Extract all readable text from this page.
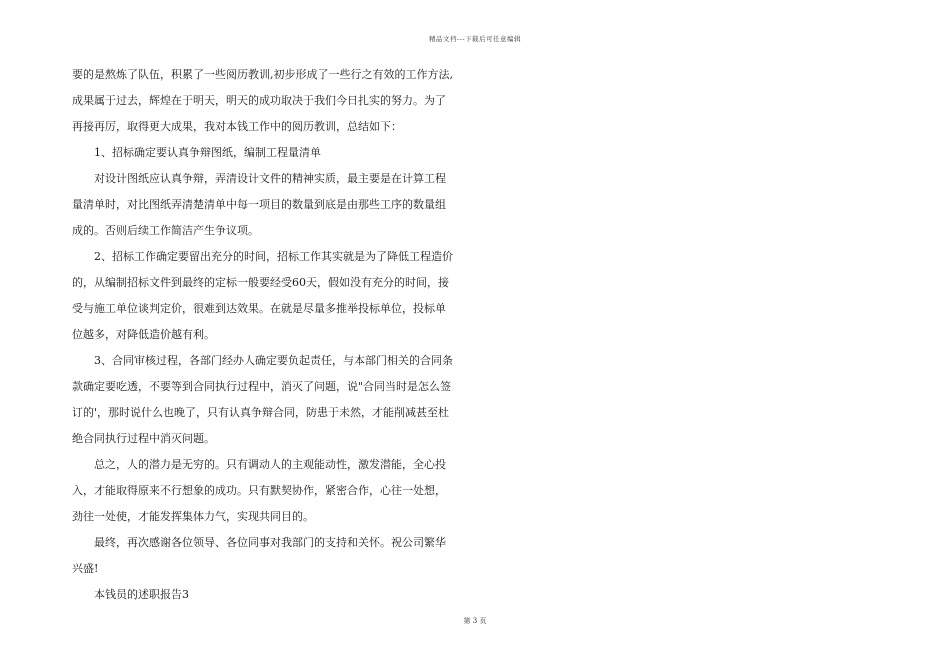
精品文档---下载后可任意编辑
要的是熬炼了队伍，积累了一些阅历教训,初步形成了一些行之有效的工作方法,
成果属于过去，辉煌在于明天，明天的成功取决于我们今日扎实的努力。为了
再接再厉，取得更大成果，我对本钱工作中的阅历教训，总结如下：
1、招标确定要认真争辩图纸，编制工程量清单
对设计图纸应认真争辩，弄清设计文件的精神实质，最主要是在计算工程
量清单时，对比图纸弄清楚清单中每一项目的数量到底是由那些工序的数量组
成的。否则后续工作简洁产生争议项。
2、招标工作确定要留出充分的时间，招标工作其实就是为了降低工程造价
的，从编制招标文件到最终的定标一般要经受60天，假如没有充分的时间，接
受与施工单位谈判定价，很难到达效果。在就是尽量多推举投标单位，投标单
位越多，对降低造价越有利。
3、合同审核过程，各部门经办人确定要负起责任，与本部门相关的合同条
款确定要吃透，不要等到合同执行过程中，消灭了问题，说"合同当时是怎么签
订的'，那时说什么也晚了，只有认真争辩合同，防患于未然，才能削减甚至杜
绝合同执行过程中消灭问题。
总之，人的潜力是无穷的。只有调动人的主观能动性，激发潜能，全心投
入，才能取得原来不行想象的成功。只有默契协作，紧密合作，心往一处想，
劲往一处使，才能发挥集体力气，实现共同目的。
最终，再次感谢各位领导、各位同事对我部门的支持和关怀。祝公司繁华
兴盛!
本钱员的述职报告3
第 3 页
